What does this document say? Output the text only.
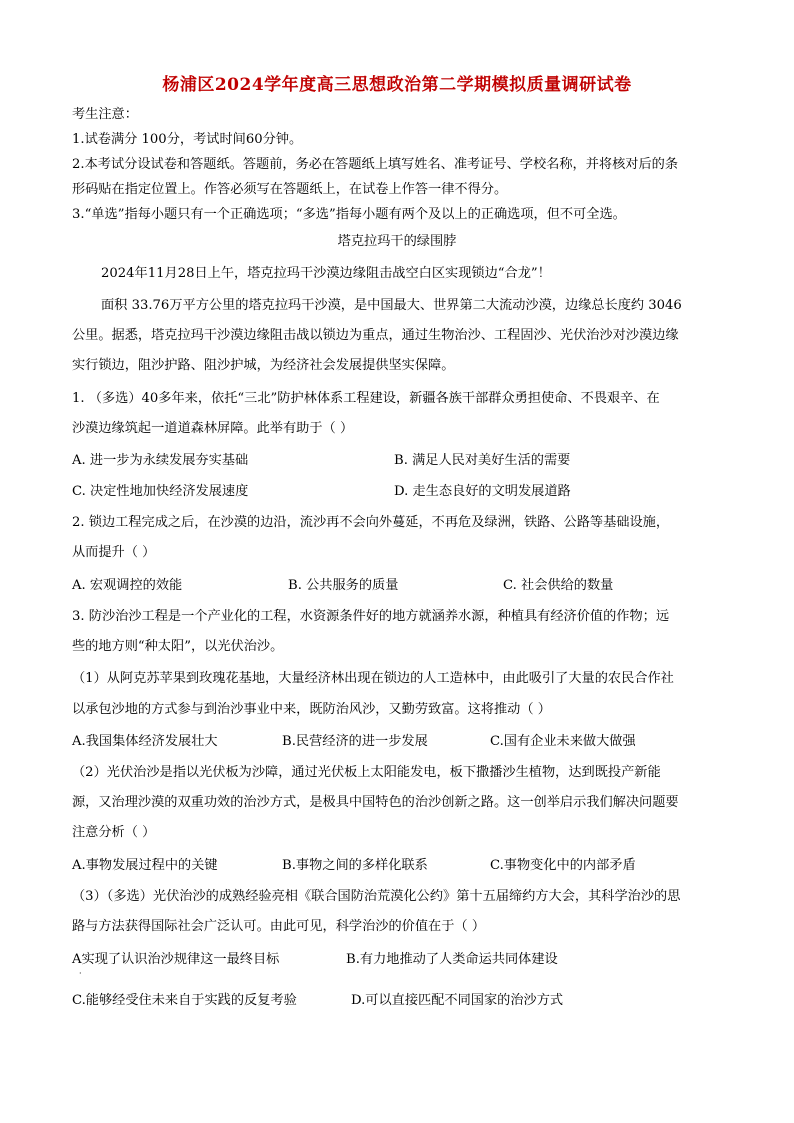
杨浦区2024学年度高三思想政治第二学期模拟质量调研试卷
考生注意：
1.试卷满分 100分，考试时间60分钟。
2.本考试分设试卷和答题纸。答题前，务必在答题纸上填写姓名、准考证号、学校名称，并将核对后的条
形码贴在指定位置上。作答必须写在答题纸上，在试卷上作答一律不得分。
3.“单选”指每小题只有一个正确选项；“多选”指每小题有两个及以上的正确选项，但不可全选。
塔克拉玛干的绿围脖
2024年11月28日上午，塔克拉玛干沙漠边缘阻击战空白区实现锁边“合龙”！
面积 33.76万平方公里的塔克拉玛干沙漠，是中国最大、世界第二大流动沙漠，边缘总长度约 3046
公里。据悉，塔克拉玛干沙漠边缘阻击战以锁边为重点，通过生物治沙、工程固沙、光伏治沙对沙漠边缘
实行锁边，阻沙护路、阻沙护城，为经济社会发展提供坚实保障。
1. （多选）40多年来，依托“三北”防护林体系工程建设，新疆各族干部群众勇担使命、不畏艰辛、在
沙漠边缘筑起一道道森林屏障。此举有助于（ ）
A. 进一步为永续发展夯实基础	B. 满足人民对美好生活的需要
C. 决定性地加快经济发展速度	D. 走生态良好的文明发展道路
2. 锁边工程完成之后，在沙漠的边沿，流沙再不会向外蔓延，不再危及绿洲，铁路、公路等基础设施，
从而提升（ ）
A. 宏观调控的效能	B. 公共服务的质量	C. 社会供给的数量
3. 防沙治沙工程是一个产业化的工程，水资源条件好的地方就涵养水源，种植具有经济价值的作物；远
些的地方则“种太阳”，以光伏治沙。
（1）从阿克苏苹果到玫瑰花基地，大量经济林出现在锁边的人工造林中，由此吸引了大量的农民合作社
以承包沙地的方式参与到治沙事业中来，既防治风沙，又勤劳致富。这将推动（ ）
A.我国集体经济发展壮大	B.民营经济的进一步发展	C.国有企业未来做大做强
（2）光伏治沙是指以光伏板为沙障，通过光伏板上太阳能发电，板下撒播沙生植物，达到既投产新能
源，又治理沙漠的双重功效的治沙方式，是极具中国特色的治沙创新之路。这一创举启示我们解决问题要
注意分析（ ）
A.事物发展过程中的关键	B.事物之间的多样化联系	C.事物变化中的内部矛盾
（3）（多选）光伏治沙的成熟经验亮相《联合国防治荒漠化公约》第十五届缔约方大会，其科学治沙的思
路与方法获得国际社会广泛认可。由此可见，科学治沙的价值在于（ ）
A实现了认识治沙规律这一最终目标
·
B.有力地推动了人类命运共同体建设
C.能够经受住未来自于实践的反复考验	D.可以直接匹配不同国家的治沙方式
